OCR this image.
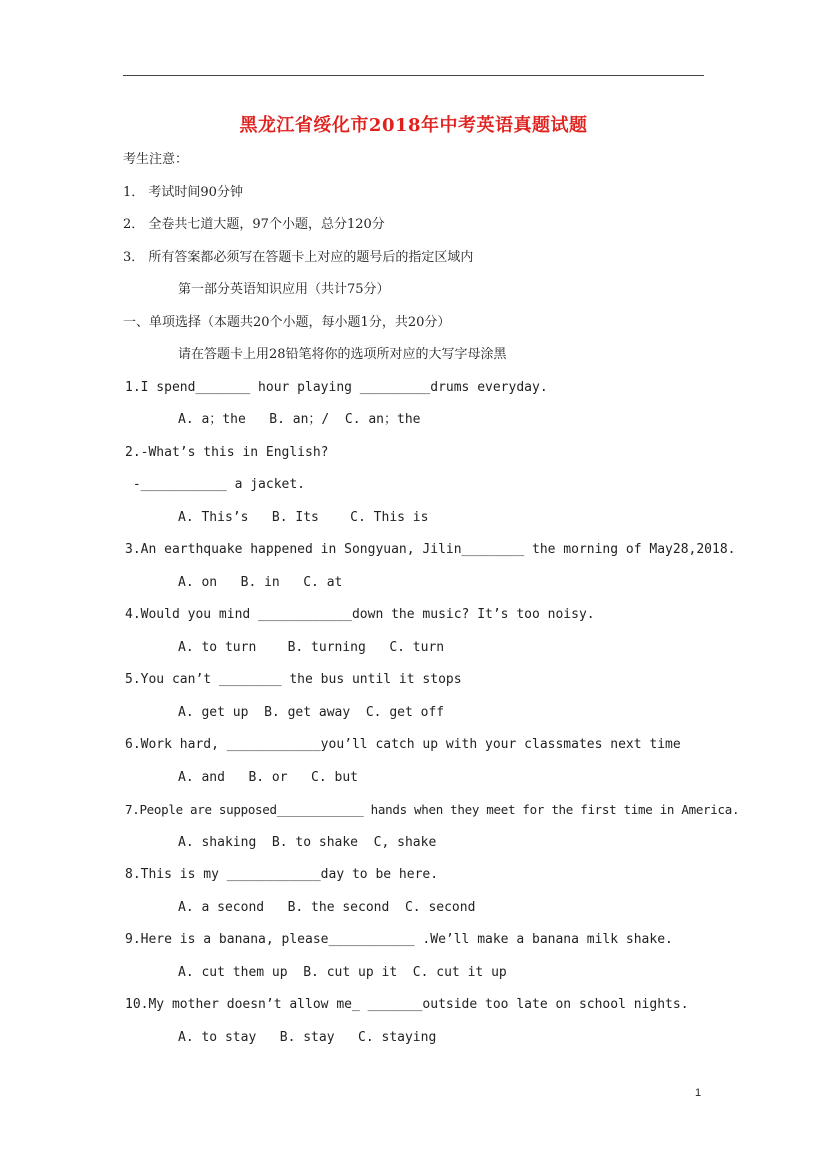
黑龙江省绥化市2018年中考英语真题试题
考生注意：
1． 考试时间90分钟
2． 全卷共七道大题，97个小题，总分120分
3． 所有答案都必须写在答题卡上对应的题号后的指定区域内
第一部分英语知识应用（共计75分）
一、单项选择（本题共20个小题，每小题1分，共20分）
请在答题卡上用28铅笔将你的选项所对应的大写字母涂黑
1.I spend_______ hour playing _________drums everyday.
A. a；the   B. an；/  C. an；the
2.-What’s this in English?
-___________ a jacket.
A. This’s   B. Its    C. This is
3.An earthquake happened in Songyuan, Jilin________ the morning of May28,2018.
A. on   B. in   C. at
4.Would you mind ____________down the music? It’s too noisy.
A. to turn    B. turning   C. turn
5.You can’t ________ the bus until it stops
A. get up  B. get away  C. get off
6.Work hard, ____________you’ll catch up with your classmates next time
A. and   B. or   C. but
7.People are supposed____________ hands when they meet for the first time in America.
A. shaking  B. to shake  C, shake
8.This is my ____________day to be here.
A. a second   B. the second  C. second
9.Here is a banana, please___________ .We’ll make a banana milk shake.
A. cut them up  B. cut up it  C. cut it up
10.My mother doesn’t allow me_ _______outside too late on school nights.
A. to stay   B. stay   C. staying
1
